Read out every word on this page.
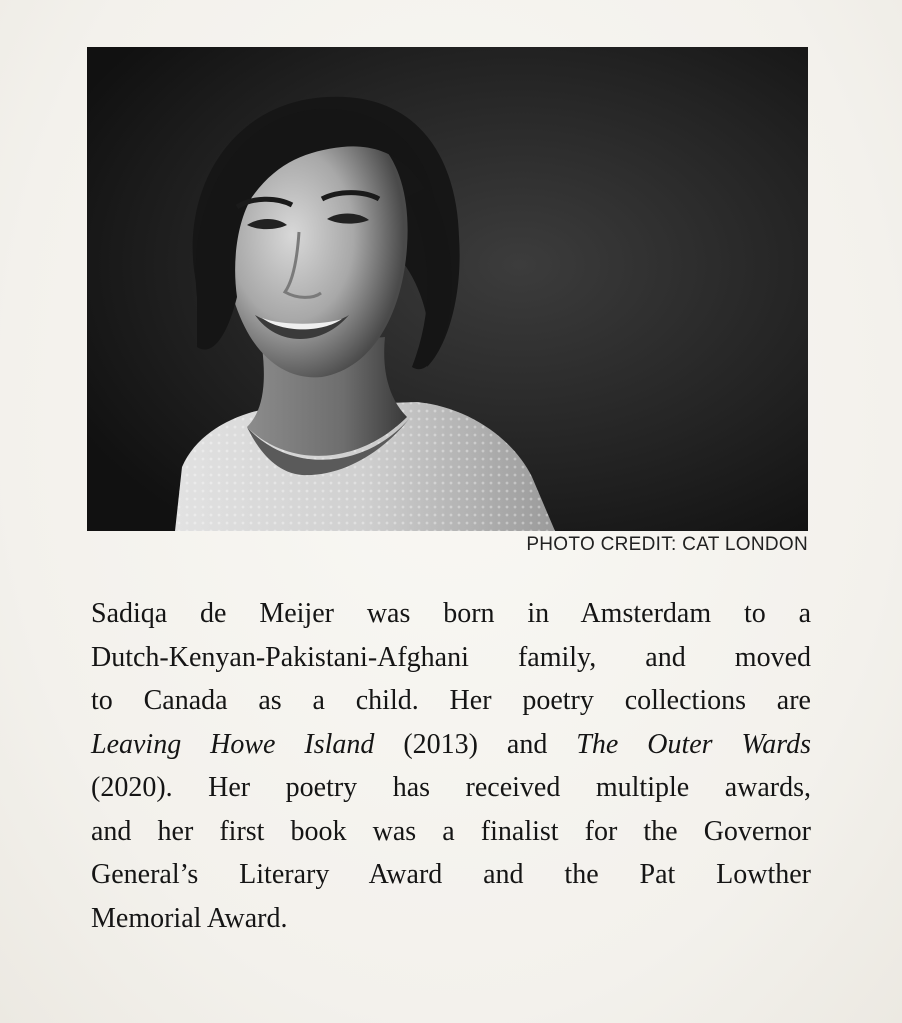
PHOTO CREDIT: CAT LONDON
Sadiqa de Meijer was born in Amsterdam to a
Dutch-Kenyan-Pakistani-Afghani family, and moved
to Canada as a child. Her poetry collections are
Leaving Howe Island (2013) and The Outer Wards
(2020). Her poetry has received multiple awards,
and her first book was a finalist for the Governor
General’s Literary Award and the Pat Lowther
Memorial Award.
